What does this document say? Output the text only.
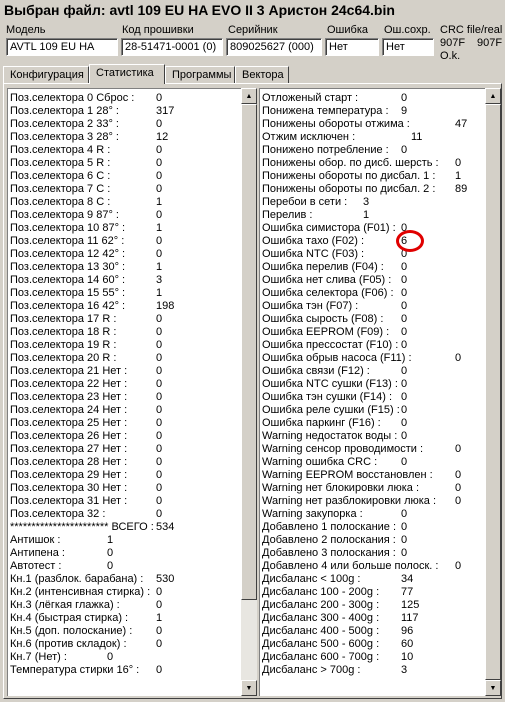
Выбран файл: avtl 109 EU HA EVO II 3 Аристон 24c64.bin
Модель	Код прошивки	Серийник	Ошибка Ош.сохр.
AVTL 109 EU HA	28-51471-0001 (0)	809025627 (000)	Нет	Нет
CRC file/real
907F 907F
O.k.
Конфигурация	Статистика	Программы Вектора
Поз.селектора 0 Сброс : 0
Поз.селектора 1 28° :	317
Поз.селектора 2 33° :	0
Поз.селектора 3 28° :	12
Поз.селектора 4 R :	0
Поз.селектора 5 R :	0
Поз.селектора 6 C :	0
Поз.селектора 7 C :	0
Поз.селектора 8 C :	1
Поз.селектора 9 87° :	0
Поз.селектора 10 87° :	1
Поз.селектора 11 62° :	0
Поз.селектора 12 42° :	0
Поз.селектора 13 30° :	1
Поз.селектора 14 60° :	3
Поз.селектора 15 55° :	1
Поз.селектора 16 42° :	198
Поз.селектора 17 R :	0
Поз.селектора 18 R :	0
Поз.селектора 19 R :	0
Поз.селектора 20 R :	0
Поз.селектора 21 Нет :	0
Поз.селектора 22 Нет :	0
Поз.селектора 23 Нет :	0
Поз.селектора 24 Нет :	0
Поз.селектора 25 Нет :	0
Поз.селектора 26 Нет :	0
Поз.селектора 27 Нет :	0
Поз.селектора 28 Нет :	0
Поз.селектора 29 Нет :	0
Поз.селектора 30 Нет :	0
Поз.селектора 31 Нет :	0
Поз.селектора 32 :	0
*********************** ВСЕГО : 534
Антишок :	1
Антипена :	0
Автотест :	0
Кн.1 (разблок. барабана) : 530
Кн.2 (интенсивная стирка) : 0
Кн.3 (лёгкая глажка) :	0
Кн.4 (быстрая стирка) :	1
Кн.5 (доп. полоскание) : 0
Кн.6 (против складок) :	0
Кн.7 (Нет) :	0
Температура стирки 16° : 0
▲
▼
Отложеный старт :	0
Понижена температура : 9
Понижены обороты отжима :	47
Отжим исключен :	11
Понижено потребление : 0
Понижены обор. по дисб. шерсть : 0
Понижены обороты по дисбал. 1 : 1
Понижены обороты по дисбал. 2 : 89
Перебои в сети : 3
Перелив :	1
Ошибка симистора (F01) : 0
Ошибка тахо (F02) :	6
Ошибка NTC (F03) :	0
Ошибка перелив (F04) : 0
Ошибка нет слива (F05) : 0
Ошибка селектора (F06) : 0
Ошибка тэн (F07) :	0
Ошибка сырость (F08) : 0
Ошибка EEPROM (F09) : 0
Ошибка прессостат (F10) : 0
Ошибка обрыв насоса (F11) :	0
Ошибка связи (F12) :	0
Ошибка NTC сушки (F13) : 0
Ошибка тэн сушки (F14) : 0
Ошибка реле сушки (F15) : 0
Ошибка паркинг (F16) : 0
Warning недостаток воды : 0
Warning сенсор проводимости :	0
Warning ошибка CRC : 0
Warning EEPROM восстановлен : 0
Warning нет блокировки люка :	0
Warning нет разблокировки люка : 0
Warning закупорка :	0
Добавлено 1 полоскание : 0
Добавлено 2 полоскания : 0
Добавлено 3 полоскания : 0
Добавлено 4 или больше полоск. : 0
Дисбаланс < 100g :	34
Дисбаланс 100 - 200g : 77
Дисбаланс 200 - 300g : 125
Дисбаланс 300 - 400g : 117
Дисбаланс 400 - 500g : 96
Дисбаланс 500 - 600g : 60
Дисбаланс 600 - 700g : 10
Дисбаланс > 700g :	3
▲
▼
